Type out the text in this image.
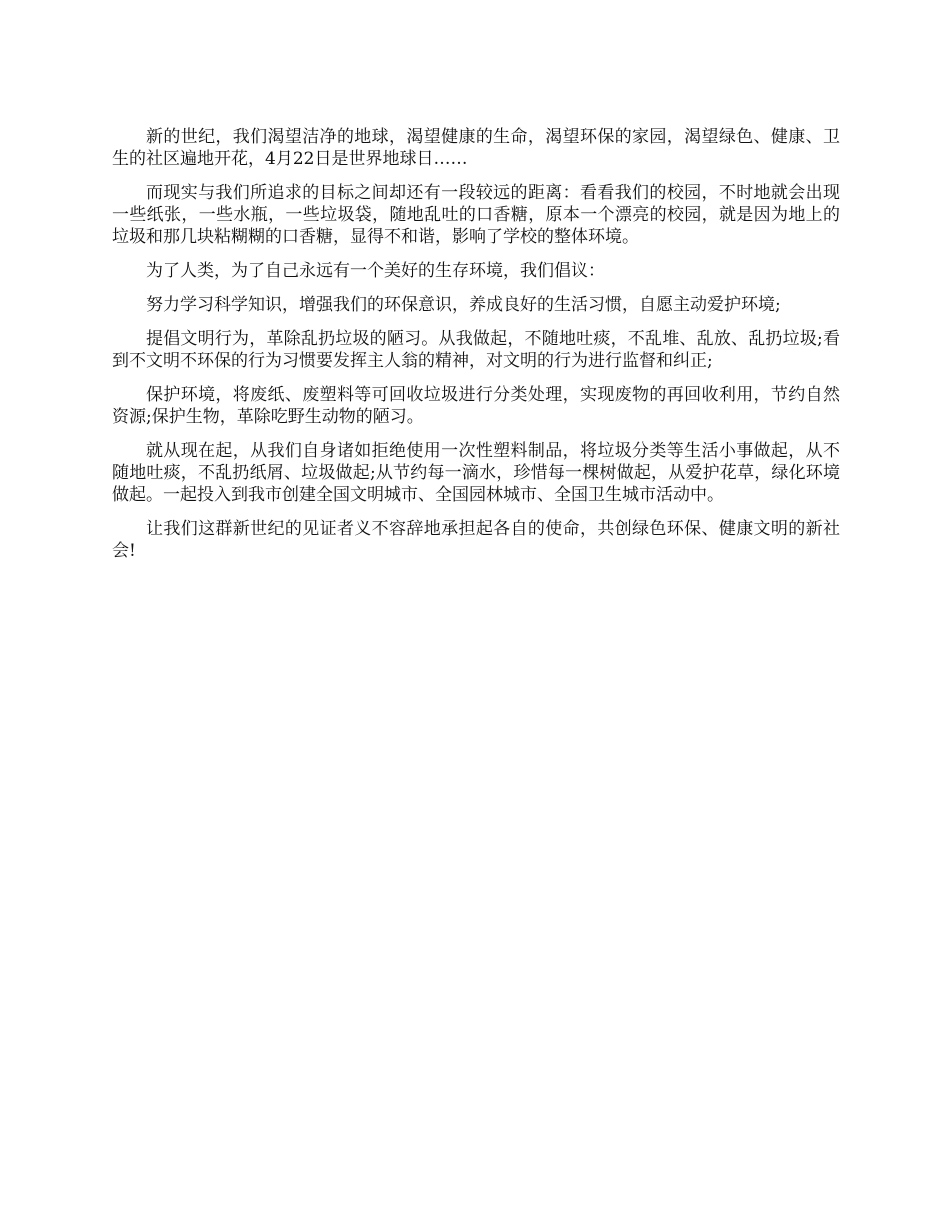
新的世纪，我们渴望洁净的地球，渴望健康的生命，渴望环保的家园，渴望绿色、健康、卫生的社区遍地开花，4月22日是世界地球日……

而现实与我们所追求的目标之间却还有一段较远的距离：看看我们的校园，不时地就会出现一些纸张，一些水瓶，一些垃圾袋，随地乱吐的口香糖，原本一个漂亮的校园，就是因为地上的垃圾和那几块粘糊糊的口香糖，显得不和谐，影响了学校的整体环境。

为了人类，为了自己永远有一个美好的生存环境，我们倡议：

努力学习科学知识，增强我们的环保意识，养成良好的生活习惯，自愿主动爱护环境;

提倡文明行为，革除乱扔垃圾的陋习。从我做起，不随地吐痰，不乱堆、乱放、乱扔垃圾;看到不文明不环保的行为习惯要发挥主人翁的精神，对文明的行为进行监督和纠正;

保护环境，将废纸、废塑料等可回收垃圾进行分类处理，实现废物的再回收利用，节约自然资源;保护生物，革除吃野生动物的陋习。

就从现在起，从我们自身诸如拒绝使用一次性塑料制品，将垃圾分类等生活小事做起，从不随地吐痰，不乱扔纸屑、垃圾做起;从节约每一滴水，珍惜每一棵树做起，从爱护花草，绿化环境做起。一起投入到我市创建全国文明城市、全国园林城市、全国卫生城市活动中。

让我们这群新世纪的见证者义不容辞地承担起各自的使命，共创绿色环保、健康文明的新社会!
